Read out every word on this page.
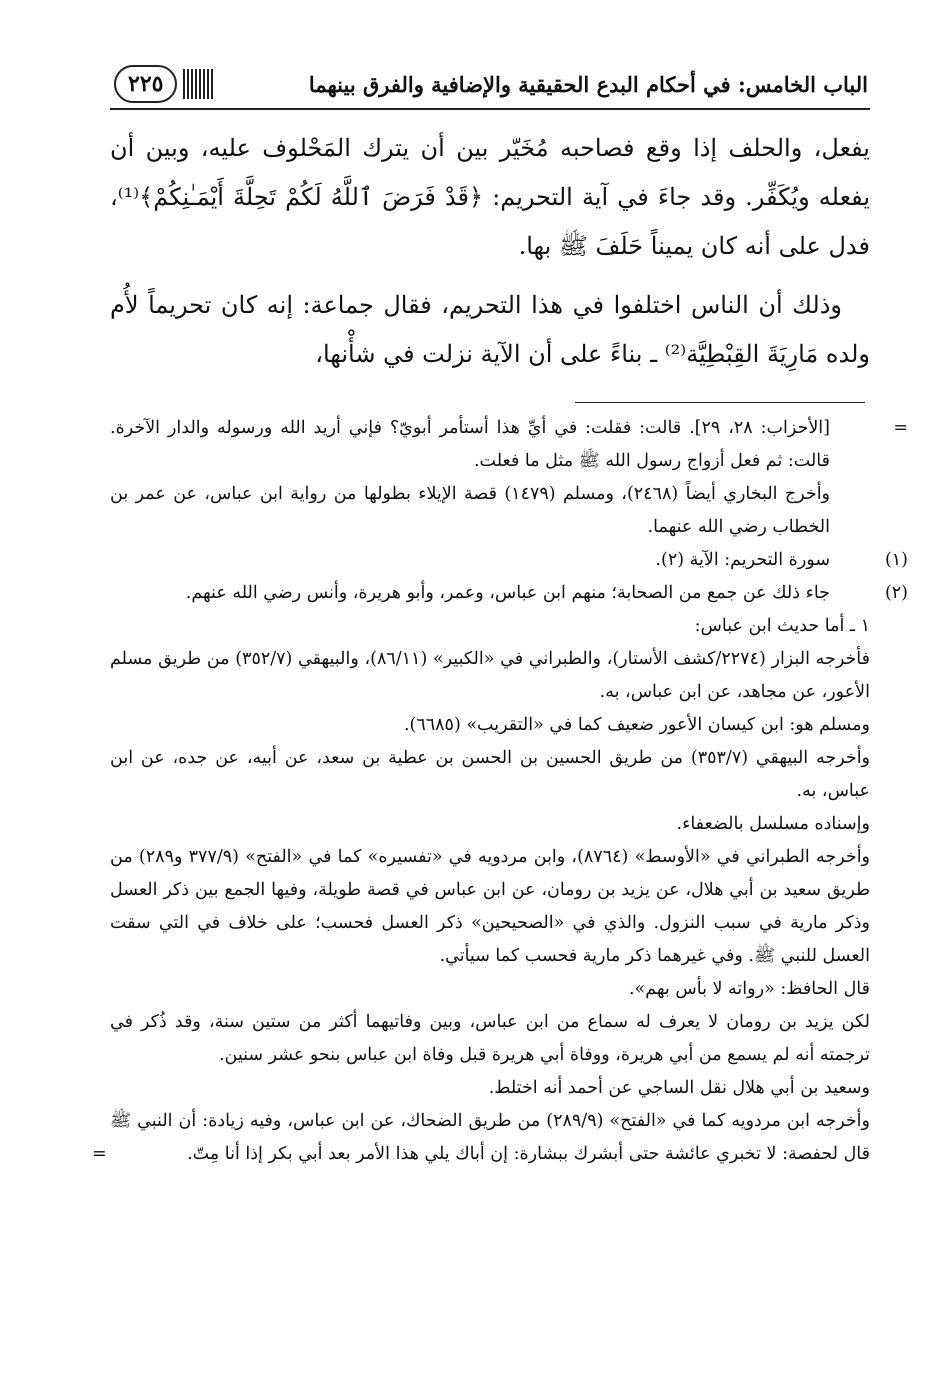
٢٢٥	الباب الخامس: في أحكام البدع الحقيقية والإضافية والفرق بينهما

يفعل، والحلف إذا وقع فصاحبه مُخَيّر بين أن يترك المَحْلوف عليه، وبين أن يفعله ويُكَفِّر. وقد جاءَ في آية التحريم: ﴿قَدْ فَرَضَ ٱللَّهُ لَكُمْ تَحِلَّةَ أَيْمَـٰنِكُمْ﴾⁽¹⁾، فدل على أنه كان يميناً حَلَفَ ﷺ بها.

وذلك أن الناس اختلفوا في هذا التحريم، فقال جماعة: إنه كان تحريماً لأُم ولده مَارِيَةَ القِبْطِيَّة⁽²⁾ ـ بناءً على أن الآية نزلت في شأْنها،

=
[الأحزاب: ٢٨، ٢٩]. قالت: فقلت: في أيِّ هذا أستأمر أبويّ؟ فإني أريد الله ورسوله والدار الآخرة. قالت: ثم فعل أزواج رسول الله ﷺ مثل ما فعلت.
وأخرج البخاري أيضاً (٢٤٦٨)، ومسلم (١٤٧٩) قصة الإيلاء بطولها من رواية ابن عباس، عن عمر بن الخطاب رضي الله عنهما.
(١)
سورة التحريم: الآية (٢).
(٢)
جاء ذلك عن جمع من الصحابة؛ منهم ابن عباس، وعمر، وأبو هريرة، وأنس رضي الله عنهم.
١ ـ أما حديث ابن عباس:
فأخرجه البزار (٢٢٧٤/كشف الأستار)، والطبراني في «الكبير» (٨٦/١١)، والبيهقي (٣٥٢/٧) من طريق مسلم الأعور، عن مجاهد، عن ابن عباس، به.
ومسلم هو: ابن كيسان الأعور ضعيف كما في «التقريب» (٦٦٨٥).
وأخرجه البيهقي (٣٥٣/٧) من طريق الحسين بن الحسن بن عطية بن سعد، عن أبيه، عن جده، عن ابن عباس، به.
وإسناده مسلسل بالضعفاء.
وأخرجه الطبراني في «الأوسط» (٨٧٦٤)، وابن مردويه في «تفسيره» كما في «الفتح» (٣٧٧/٩ و٢٨٩) من طريق سعيد بن أبي هلال، عن يزيد بن رومان، عن ابن عباس في قصة طويلة، وفيها الجمع بين ذكر العسل وذكر مارية في سبب النزول. والذي في «الصحيحين» ذكر العسل فحسب؛ على خلاف في التي سقت العسل للنبي ﷺ. وفي غيرهما ذكر مارية فحسب كما سيأتي.
قال الحافظ: «رواته لا بأس بهم».
لكن يزيد بن رومان لا يعرف له سماع من ابن عباس، وبين وفاتيهما أكثر من ستين سنة، وقد ذُكر في ترجمته أنه لم يسمع من أبي هريرة، ووفاة أبي هريرة قبل وفاة ابن عباس بنحو عشر سنين.
وسعيد بن أبي هلال نقل الساجي عن أحمد أنه اختلط.
وأخرجه ابن مردويه كما في «الفتح» (٢٨٩/٩) من طريق الضحاك، عن ابن عباس، وفيه زيادة: أن النبي ﷺ قال لحفصة: لا تخبري عائشة حتى أبشرك ببشارة: إن أباك يلي هذا الأمر بعد أبي بكر إذا أنا مِتّ.
=
